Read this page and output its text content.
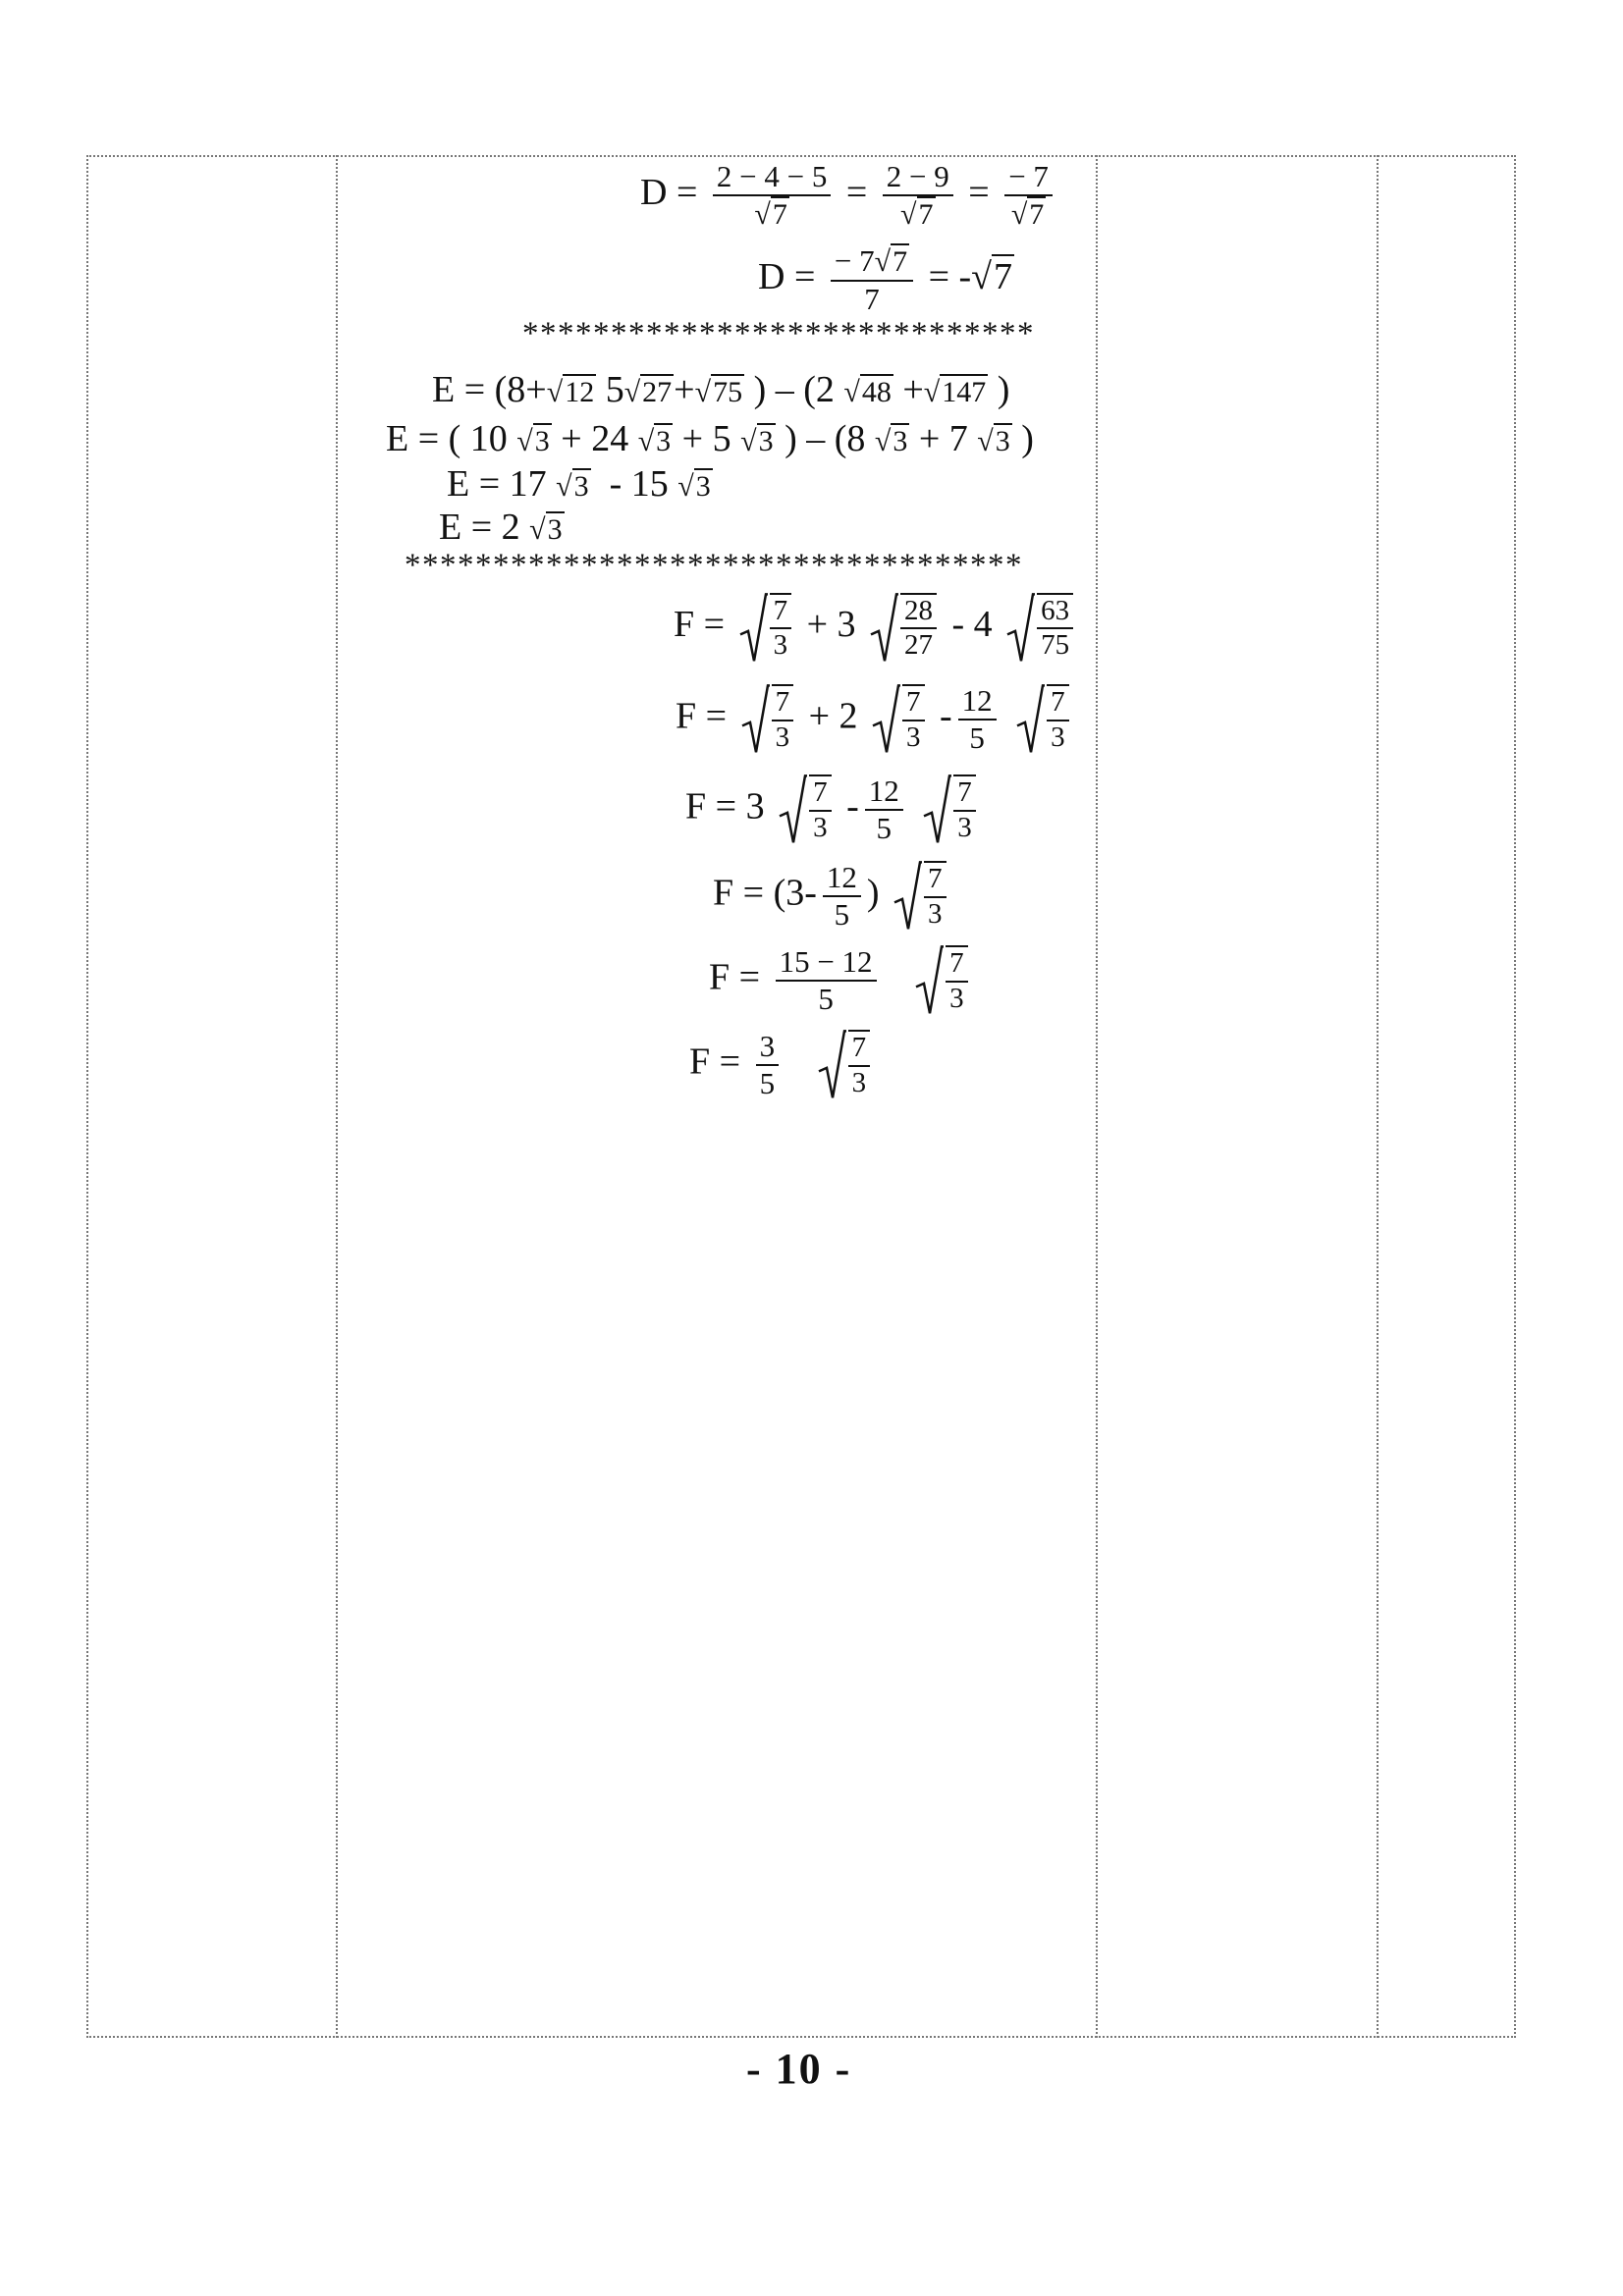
$D = \frac{2 - 4 - 5}{√7} = \frac{2 - 9}{√7} = \frac{- 7}{√7}$
$D = \frac{- 7√7}{7} = -√7$
*****************************
E = (8+√12 5√27+√75 ) – (2 √48 +√147 )
E = ( 10 √3 + 24 √3 + 5 √3 ) – (8 √3 + 7 √3 )
E = 17 √3 - 15 √3
E = 2 √3
***********************************
$F = \frac{7}{3} + 3 \frac{28}{27} - 4 \frac{63}{75}$
$F = \frac{7}{3} + 2 \frac{7}{3} - \frac{12}{5}$
$\frac{7}{3}$
$F = 3 \frac{7}{3} - \frac{12}{5}$
$\frac{7}{3}$
$F = (3- \frac{12}{5}$ ) $\frac{7}{3}$
$F = \frac{15 - 12}{5}$
$\frac{7}{3}$
$F = \frac{3}{5}$
$\frac{7}{3}$
- 10 -
